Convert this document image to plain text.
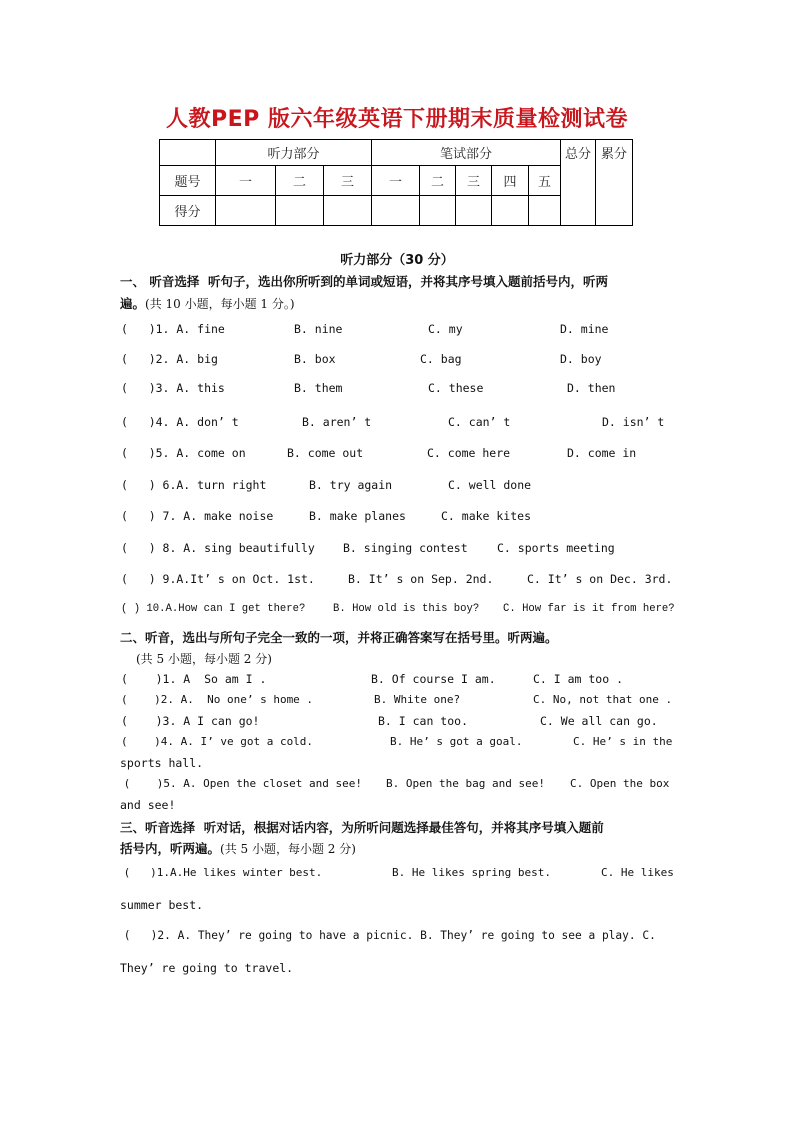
人教PEP 版六年级英语下册期末质量检测试卷
	听力部分			笔试部分					总分	累分
题号	一	二	三	一	二	三	四	五		
得分										
听力部分（30 分）
一、 听音选择  听句子，选出你所听到的单词或短语，并将其序号填入题前括号内，听两
遍。(共 10 小题，每小题 1 分。)
(   )1. A. fine	B. nine	C. my	D. mine
(   )2. A. big	B. box	C. bag	D. boy
(   )3. A. this	B. them	C. these	D. then
(   )4. A. don’ t	B. aren’ t	C. can’ t	D. isn’ t
(   )5. A. come on	B. come out	C. come here	D. come in
(   ) 6.A. turn right	B. try again	C. well done
(   ) 7. A. make noise	B. make planes	C. make kites
(   ) 8. A. sing beautifully B. singing contest	C. sports meeting
(   ) 9.A.It’ s on Oct. 1st.	B. It’ s on Sep. 2nd.	C. It’ s on Dec. 3rd.
( ) 10.A.How can I get there?	B. How old is this boy? C. How far is it from here?
二、听音，选出与所句子完全一致的一项，并将正确答案写在括号里。听两遍。
(共 5 小题，每小题 2 分)
(    )1. A  So am I .	B. Of course I am.	C. I am too .
(    )2. A.  No one’ s home .	B. White one?	C. No, not that one .
(    )3. A I can go!	B. I can too.	C. We all can go.
(    )4. A. I’ ve got a cold.	B. He’ s got a goal.	C. He’ s in the
sports hall.
(    )5. A. Open the closet and see! B. Open the bag and see! C. Open the box
and see!
三、听音选择  听对话，根据对话内容，为所听问题选择最佳答句，并将其序号填入题前
括号内，听两遍。(共 5 小题，每小题 2 分)
(   )1.A.He likes winter best.	B. He likes spring best.	C. He likes
summer best.
(   )2. A. They’ re going to have a picnic. B. They’ re going to see a play. C.
They’ re going to travel.
